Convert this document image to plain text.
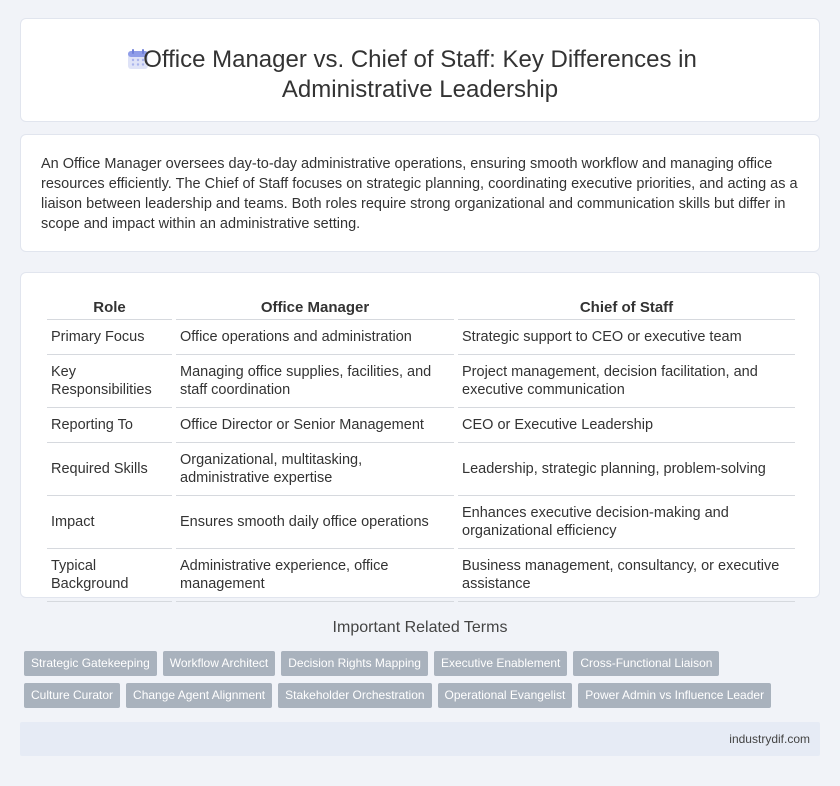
Office Manager vs. Chief of Staff: Key Differences in Administrative Leadership

An Office Manager oversees day-to-day administrative operations, ensuring smooth workflow and managing office resources efficiently. The Chief of Staff focuses on strategic planning, coordinating executive priorities, and acting as a liaison between leadership and teams. Both roles require strong organizational and communication skills but differ in scope and impact within an administrative setting.

Role	Office Manager	Chief of Staff
Primary Focus	Office operations and administration	Strategic support to CEO or executive team
Key Responsibilities	Managing office supplies, facilities, and staff coordination	Project management, decision facilitation, and executive communication
Reporting To	Office Director or Senior Management	CEO or Executive Leadership
Required Skills	Organizational, multitasking, administrative expertise	Leadership, strategic planning, problem-solving
Impact	Ensures smooth daily office operations	Enhances executive decision-making and organizational efficiency
Typical Background	Administrative experience, office management	Business management, consultancy, or executive assistance
Important Related Terms
Strategic Gatekeeping	Workflow Architect	Decision Rights Mapping	Executive Enablement	Cross-Functional Liaison
Culture Curator	Change Agent Alignment	Stakeholder Orchestration	Operational Evangelist	Power Admin vs Influence Leader
industrydif.com
